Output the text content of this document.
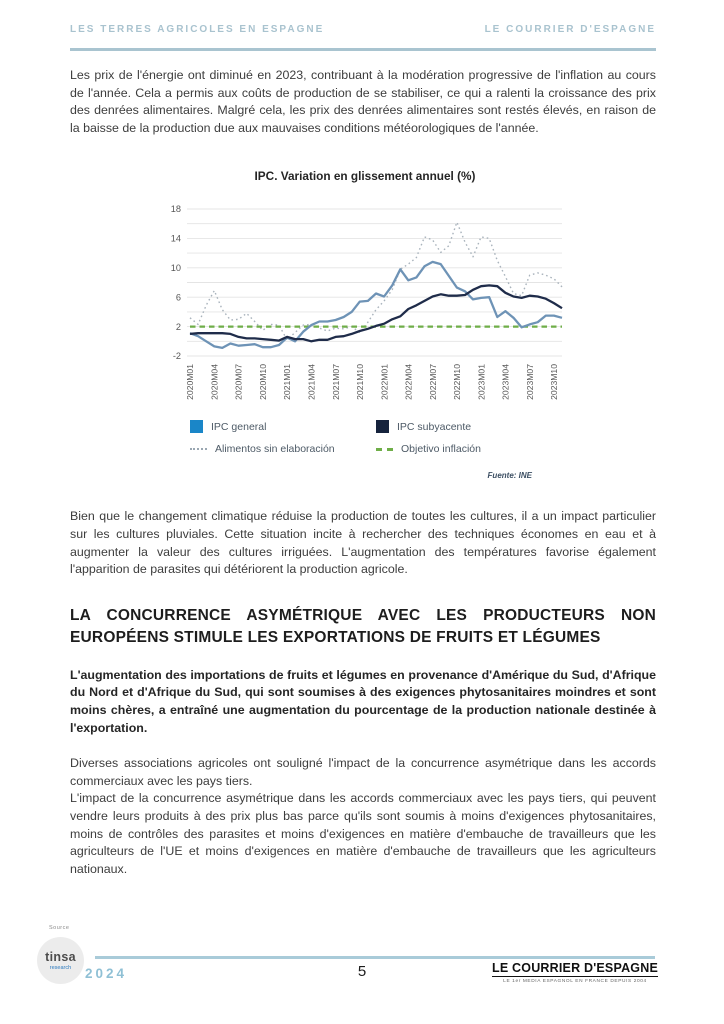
LES TERRES AGRICOLES EN ESPAGNE	LE COURRIER D'ESPAGNE

Les prix de l'énergie ont diminué en 2023, contribuant à la modération progressive de l'inflation au cours de l'année. Cela a permis aux coûts de production de se stabiliser, ce qui a ralenti la croissance des prix des denrées alimentaires. Malgré cela, les prix des denrées alimentaires sont restés élevés, en raison de la baisse de la production due aux mauvaises conditions météorologiques de l'année.

IPC. Variation en glissement annuel (%)
-2
2
6
10
14
18
2020M01 2020M04 2020M07 2020M10 2021M01 2021M04 2021M07 2021M10 2022M01 2022M04 2022M07 2022M10 2023M01 2023M04 2023M07 2023M10
IPC general	IPC subyacente
Alimentos sin elaboración	Objetivo inflación
Fuente: INE

Bien que le changement climatique réduise la production de toutes les cultures, il a un impact particulier sur les cultures pluviales. Cette situation incite à rechercher des techniques économes en eau et à augmenter la valeur des cultures irriguées. L'augmentation des températures favorise également l'apparition de parasites qui détériorent la production agricole.

LA CONCURRENCE ASYMÉTRIQUE AVEC LES PRODUCTEURS NON EUROPÉENS STIMULE LES EXPORTATIONS DE FRUITS ET LÉGUMES

L'augmentation des importations de fruits et légumes en provenance d'Amérique du Sud, d'Afrique du Nord et d'Afrique du Sud, qui sont soumises à des exigences phytosanitaires moindres et sont moins chères, a entraîné une augmentation du pourcentage de la production nationale destinée à l'exportation.

Diverses associations agricoles ont souligné l'impact de la concurrence asymétrique dans les accords commerciaux avec les pays tiers.

L'impact de la concurrence asymétrique dans les accords commerciaux avec les pays tiers, qui peuvent vendre leurs produits à des prix plus bas parce qu'ils sont soumis à moins d'exigences phytosanitaires, moins de contrôles des parasites et moins d'exigences en matière d'embauche de travailleurs que les agriculteurs de l'UE et moins d'exigences en matière d'embauche de travailleurs que les agriculteurs nationaux.

Source
tinsa
research 2024	5	LE COURRIER D'ESPAGNE
LE 1er MEDIA ESPAGNOL EN FRANCE DEPUIS 2004
